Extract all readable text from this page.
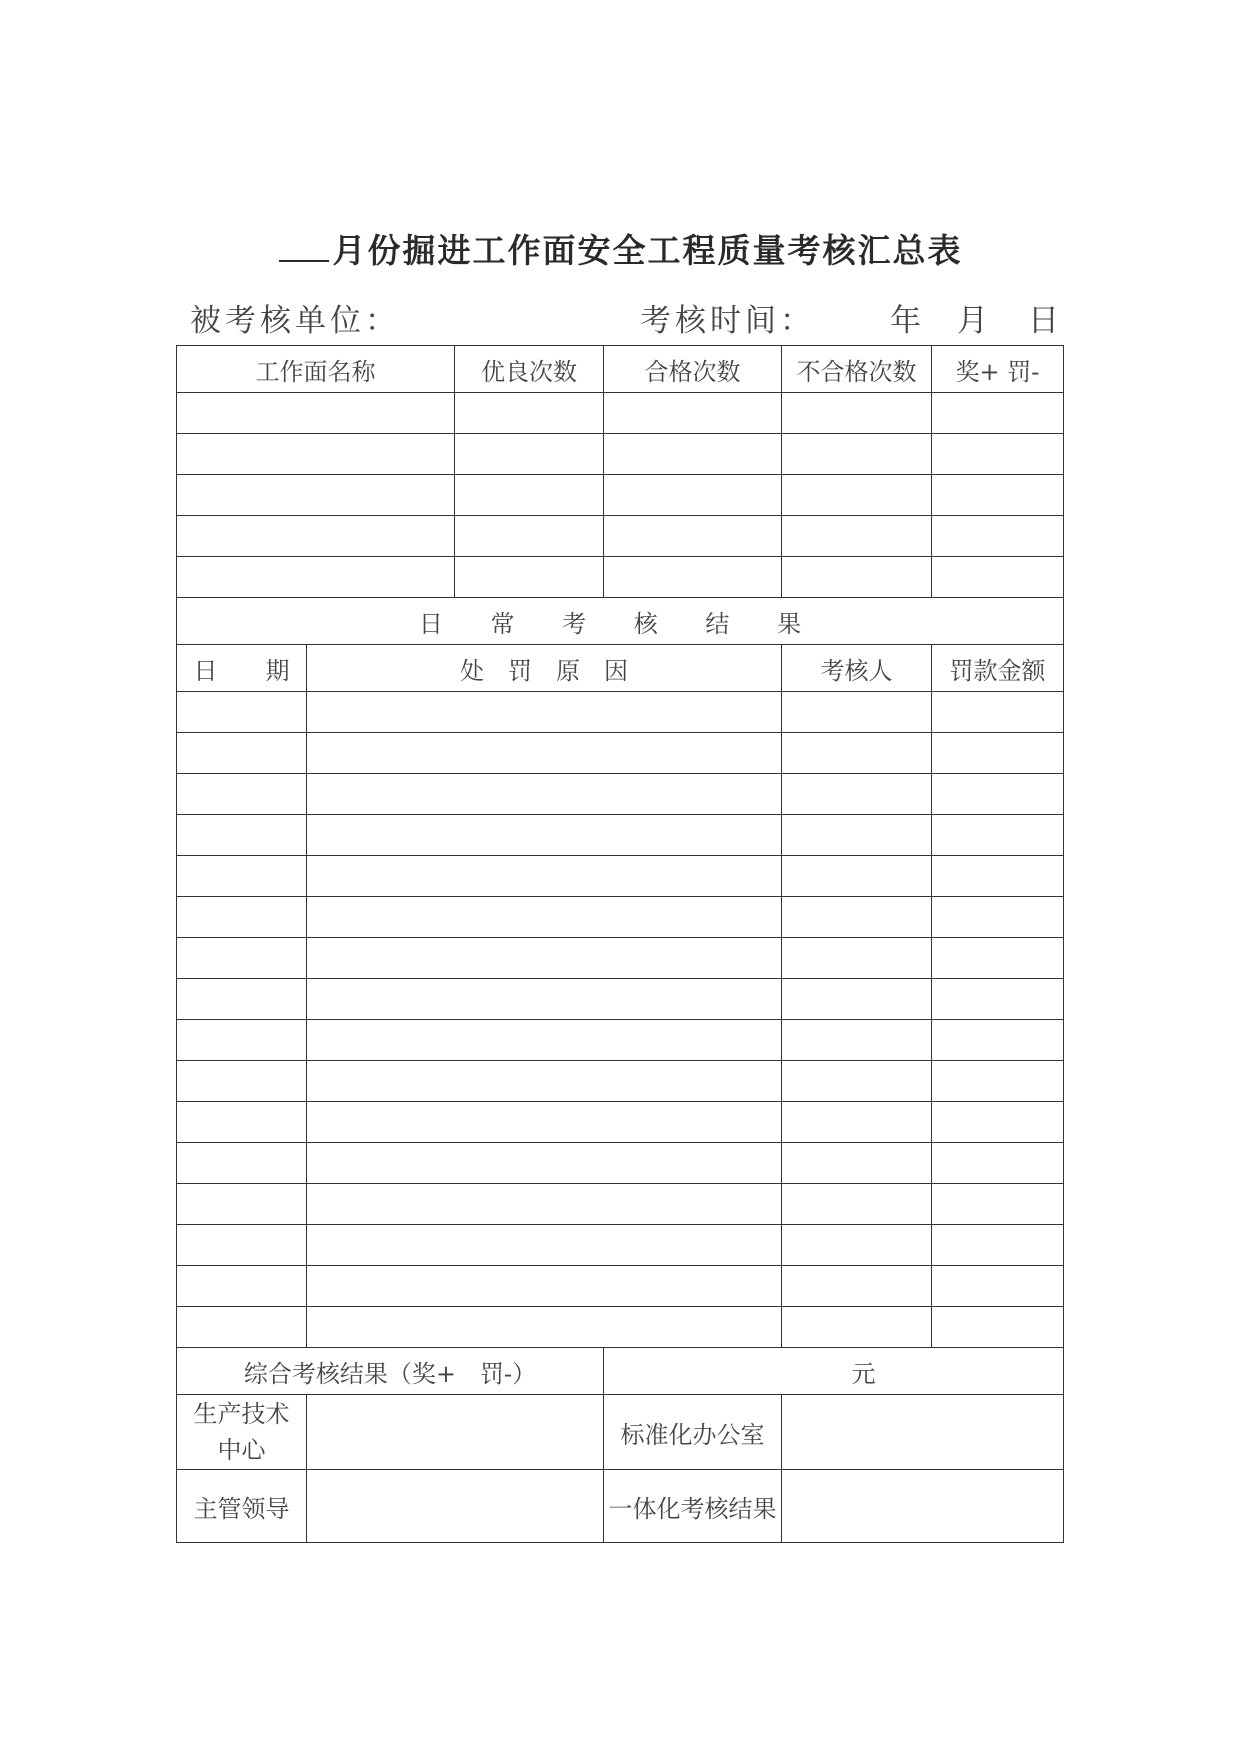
月份掘进工作面安全工程质量考核汇总表
被考核单位：	考核时间： 年 月 日
工作面名称		优良次数	合格次数	不合格次数	奖+ 罚-

日 常 考 核 结 果					
日　　期	处　罚　原　因			考核人	罚款金额

综合考核结果（奖+　罚-）			元		
生产技术中心			标准化办公室		
主管领导			一体化考核结果		
